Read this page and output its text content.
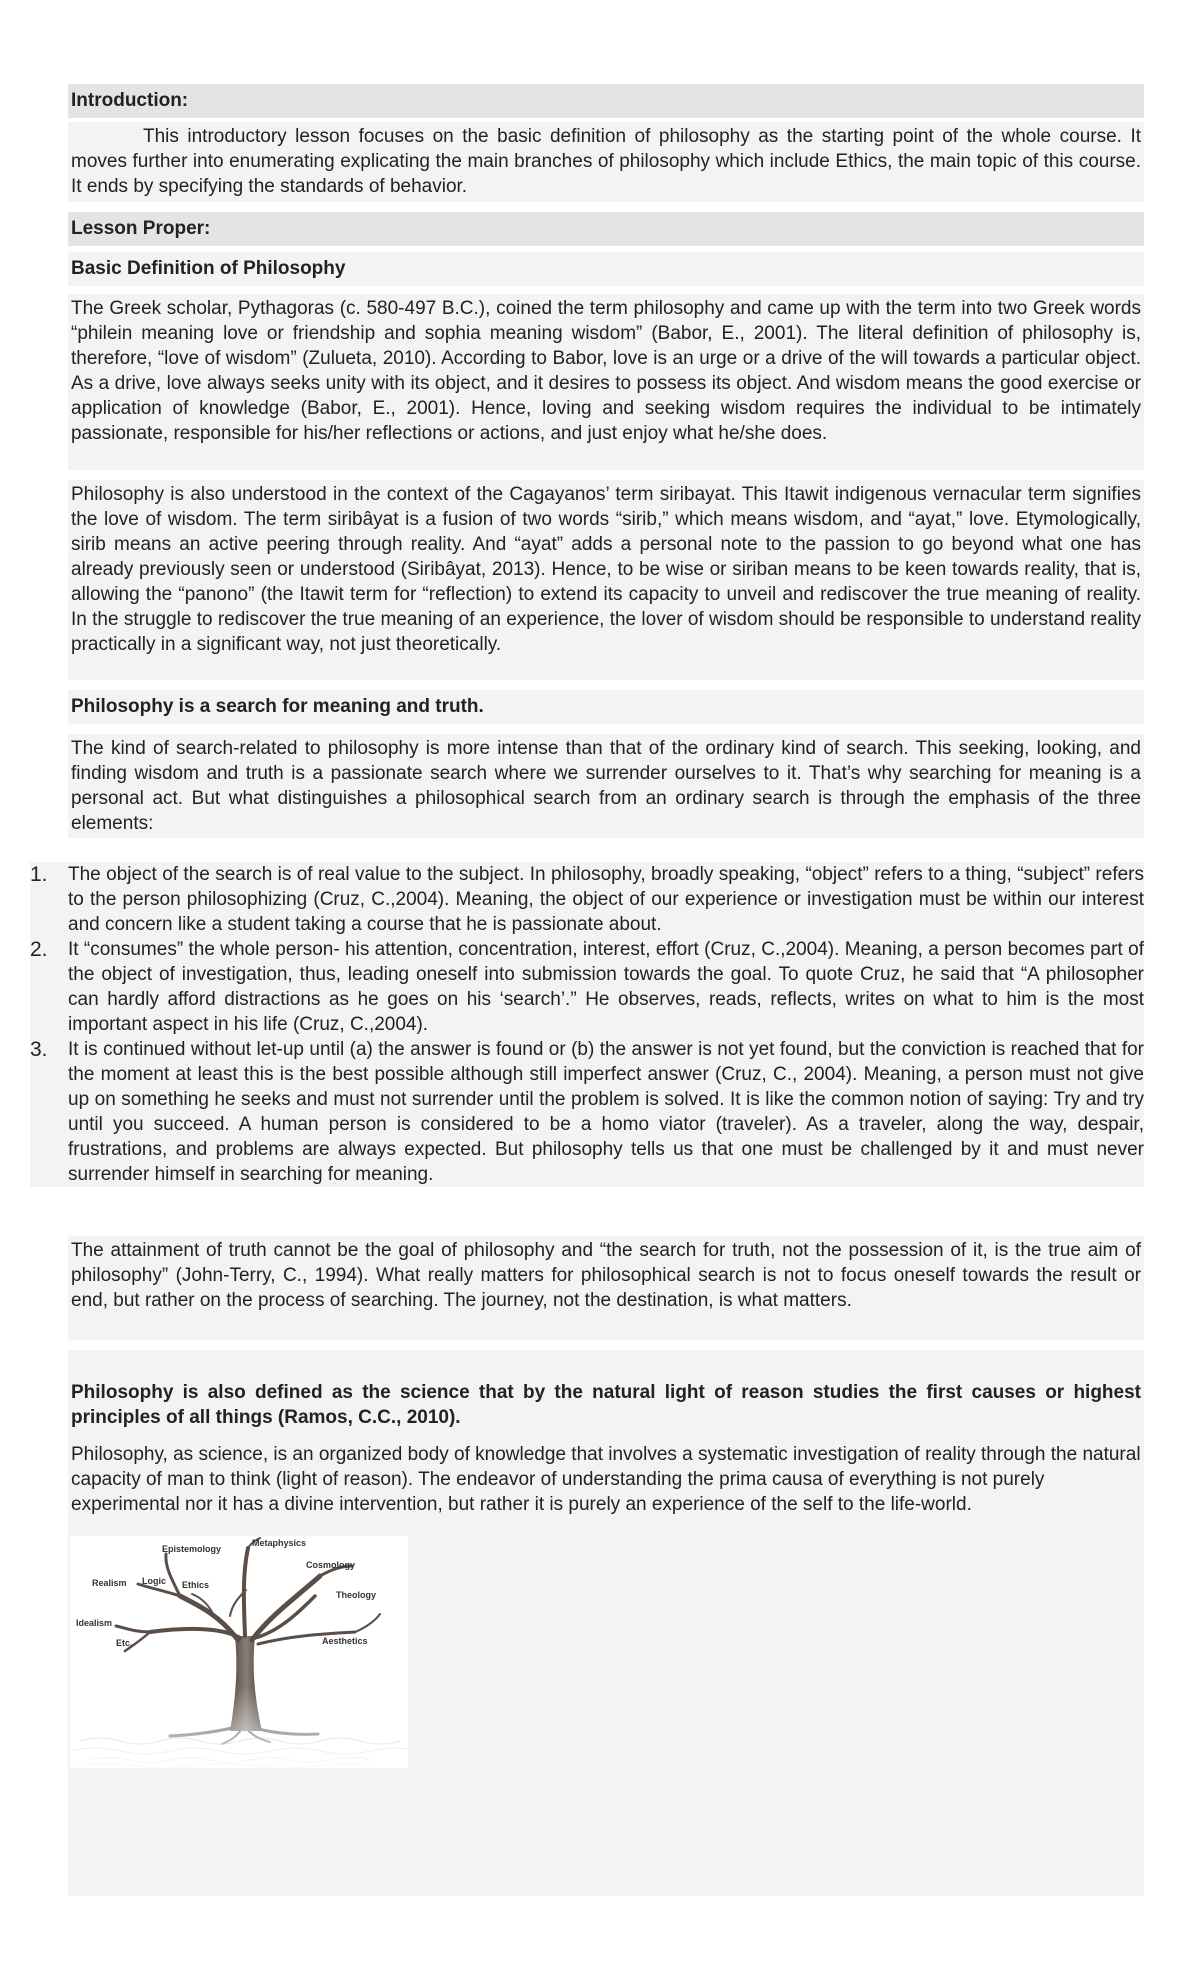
Introduction:

This introductory lesson focuses on the basic definition of philosophy as the starting point of the whole course. It moves further into enumerating explicating the main branches of philosophy which include Ethics, the main topic of this course. It ends by specifying the standards of behavior.

Lesson Proper:
Basic Definition of Philosophy

The Greek scholar, Pythagoras (c. 580-497 B.C.), coined the term philosophy and came up with the term into two Greek words “philein meaning love or friendship and sophia meaning wisdom” (Babor, E., 2001). The literal definition of philosophy is, therefore, “love of wisdom” (Zulueta, 2010). According to Babor, love is an urge or a drive of the will towards a particular object. As a drive, love always seeks unity with its object, and it desires to possess its object. And wisdom means the good exercise or application of knowledge (Babor, E., 2001). Hence, loving and seeking wisdom requires the individual to be intimately passionate, responsible for his/her reflections or actions, and just enjoy what he/she does.

Philosophy is also understood in the context of the Cagayanos’ term siribayat. This Itawit indigenous vernacular term signifies the love of wisdom. The term siribâyat is a fusion of two words “sirib,” which means wisdom, and “ayat,” love. Etymologically, sirib means an active peering through reality. And “ayat” adds a personal note to the passion to go beyond what one has already previously seen or understood (Siribâyat, 2013). Hence, to be wise or siriban means to be keen towards reality, that is, allowing the “panono” (the Itawit term for “reflection) to extend its capacity to unveil and rediscover the true meaning of reality. In the struggle to rediscover the true meaning of an experience, the lover of wisdom should be responsible to understand reality practically in a significant way, not just theoretically.

Philosophy is a search for meaning and truth.

The kind of search-related to philosophy is more intense than that of the ordinary kind of search. This seeking, looking, and finding wisdom and truth is a passionate search where we surrender ourselves to it. That’s why searching for meaning is a personal act. But what distinguishes a philosophical search from an ordinary search is through the emphasis of the three elements:

1.	The object of the search is of real value to the subject. In philosophy, broadly speaking, “object” refers to a thing, “subject” refers to the person philosophizing (Cruz, C.,2004). Meaning, the object of our experience or investigation must be within our interest and concern like a student taking a course that he is passionate about.
2.	It “consumes” the whole person- his attention, concentration, interest, effort (Cruz, C.,2004). Meaning, a person becomes part of the object of investigation, thus, leading oneself into submission towards the goal. To quote Cruz, he said that “A philosopher can hardly afford distractions as he goes on his ‘search’.” He observes, reads, reflects, writes on what to him is the most important aspect in his life (Cruz, C.,2004).
3.	It is continued without let-up until (a) the answer is found or (b) the answer is not yet found, but the conviction is reached that for the moment at least this is the best possible although still imperfect answer (Cruz, C., 2004). Meaning, a person must not give up on something he seeks and must not surrender until the problem is solved. It is like the common notion of saying: Try and try until you succeed. A human person is considered to be a homo viator (traveler). As a traveler, along the way, despair, frustrations, and problems are always expected. But philosophy tells us that one must be challenged by it and must never surrender himself in searching for meaning.

The attainment of truth cannot be the goal of philosophy and “the search for truth, not the possession of it, is the true aim of philosophy” (John-Terry, C., 1994). What really matters for philosophical search is not to focus oneself towards the result or end, but rather on the process of searching. The journey, not the destination, is what matters.

Philosophy is also defined as the science that by the natural light of reason studies the first causes or highest principles of all things (Ramos, C.C., 2010).

Philosophy, as science, is an organized body of knowledge that involves a systematic investigation of reality through the natural capacity of man to think (light of reason). The endeavor of understanding the prima causa of everything is not purely experimental nor it has a divine intervention, but rather it is purely an experience of the self to the life-world.

Metaphysics
Epistemology
Cosmology
Realism Logic Ethics
Theology
Idealism
Etc.	Aesthetics
